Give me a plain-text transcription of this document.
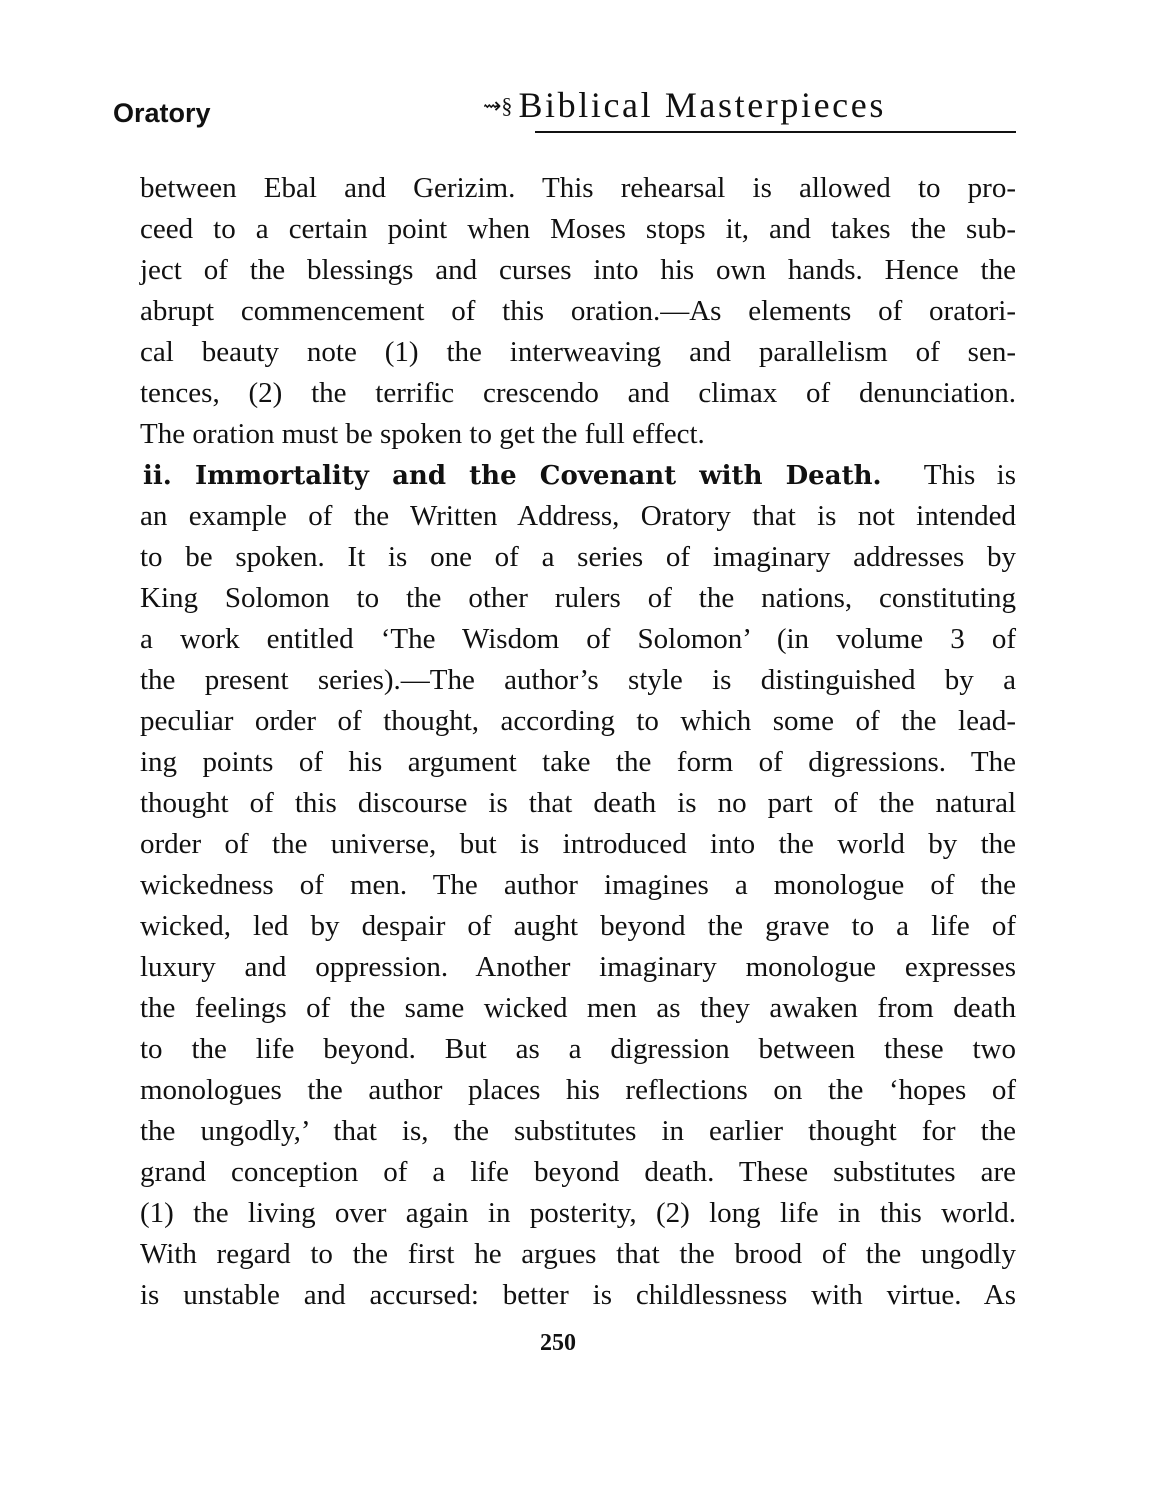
Oratory	⇝§ Biblical Masterpieces
between Ebal and Gerizim. This rehearsal is allowed to pro-
ceed to a certain point when Moses stops it, and takes the sub-
ject of the blessings and curses into his own hands. Hence the
abrupt commencement of this oration.—As elements of oratori-
cal beauty note (1) the interweaving and parallelism of sen-
tences, (2) the terrific crescendo and climax of denunciation.
The oration must be spoken to get the full effect.
ii. Immortality and the Covenant with Death. This is
an example of the Written Address, Oratory that is not intended
to be spoken. It is one of a series of imaginary addresses by
King Solomon to the other rulers of the nations, constituting
a work entitled ‘The Wisdom of Solomon’ (in volume 3 of
the present series).—The author’s style is distinguished by a
peculiar order of thought, according to which some of the lead-
ing points of his argument take the form of digressions. The
thought of this discourse is that death is no part of the natural
order of the universe, but is introduced into the world by the
wickedness of men. The author imagines a monologue of the
wicked, led by despair of aught beyond the grave to a life of
luxury and oppression. Another imaginary monologue expresses
the feelings of the same wicked men as they awaken from death
to the life beyond. But as a digression between these two
monologues the author places his reflections on the ‘hopes of
the ungodly,’ that is, the substitutes in earlier thought for the
grand conception of a life beyond death. These substitutes are
(1) the living over again in posterity, (2) long life in this world.
With regard to the first he argues that the brood of the ungodly
is unstable and accursed: better is childlessness with virtue. As
250
